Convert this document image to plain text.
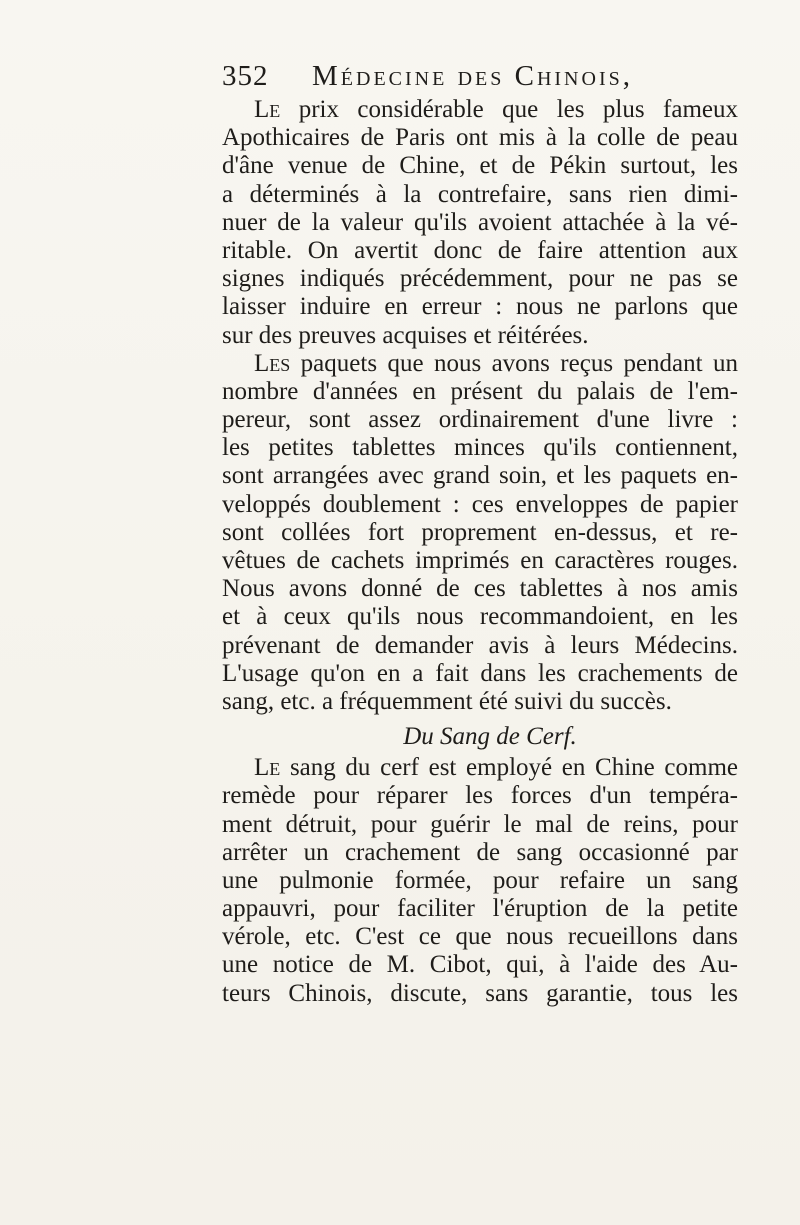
352 Médecine des Chinois,
Le prix considérable que les plus fameux
Apothicaires de Paris ont mis à la colle de peau
d'âne venue de Chine, et de Pékin surtout, les
a déterminés à la contrefaire, sans rien dimi-
nuer de la valeur qu'ils avoient attachée à la vé-
ritable. On avertit donc de faire attention aux
signes indiqués précédemment, pour ne pas se
laisser induire en erreur : nous ne parlons que
sur des preuves acquises et réitérées.
Les paquets que nous avons reçus pendant un
nombre d'années en présent du palais de l'em-
pereur, sont assez ordinairement d'une livre :
les petites tablettes minces qu'ils contiennent,
sont arrangées avec grand soin, et les paquets en-
veloppés doublement : ces enveloppes de papier
sont collées fort proprement en-dessus, et re-
vêtues de cachets imprimés en caractères rouges.
Nous avons donné de ces tablettes à nos amis
et à ceux qu'ils nous recommandoient, en les
prévenant de demander avis à leurs Médecins.
L'usage qu'on en a fait dans les crachements de
sang, etc. a fréquemment été suivi du succès.
Du Sang de Cerf.
Le sang du cerf est employé en Chine comme
remède pour réparer les forces d'un tempéra-
ment détruit, pour guérir le mal de reins, pour
arrêter un crachement de sang occasionné par
une pulmonie formée, pour refaire un sang
appauvri, pour faciliter l'éruption de la petite
vérole, etc. C'est ce que nous recueillons dans
une notice de M. Cibot, qui, à l'aide des Au-
teurs Chinois, discute, sans garantie, tous les
